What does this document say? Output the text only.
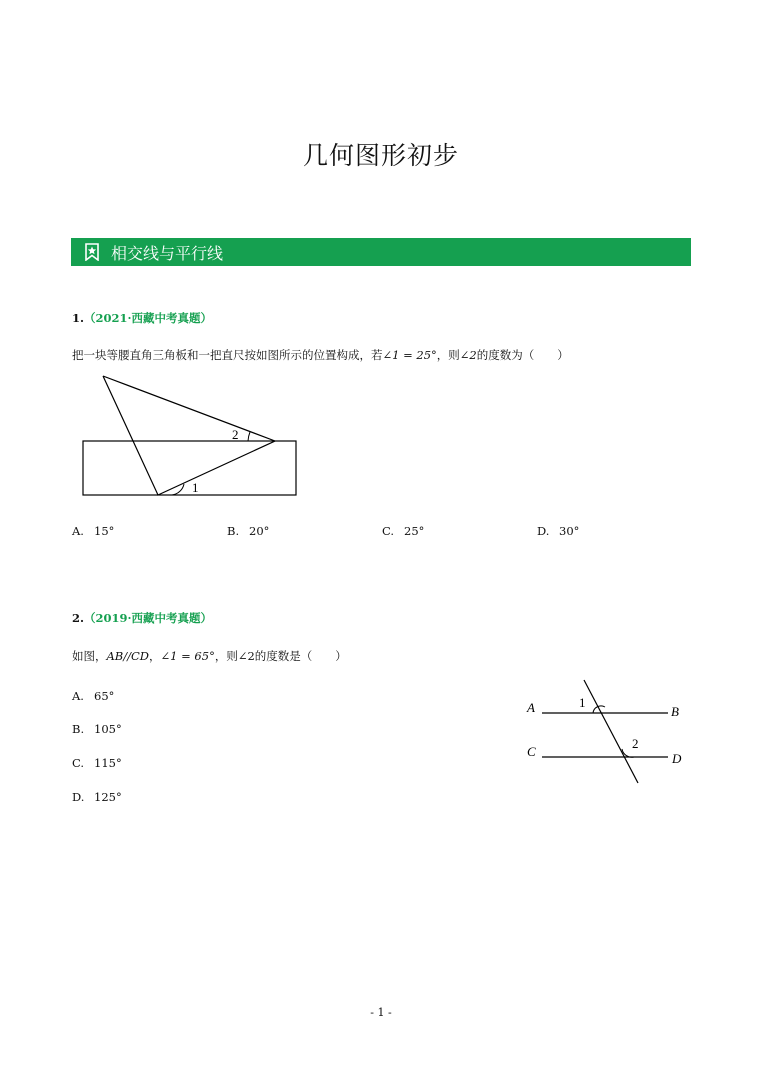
几何图形初步
相交线与平行线
1.（2021·西藏中考真题）
把一块等腰直角三角板和一把直尺按如图所示的位置构成，若∠1 = 25°，则∠2的度数为（　　）
1
2
A. 15°	B. 20°	C. 25°	D. 30°
2.（2019·西藏中考真题）
如图，AB//CD，∠1 = 65°，则∠2的度数是（　　）
A. 65°
B. 105°
C. 115°
D. 125°
A	B
C	D
1
2
- 1 -
